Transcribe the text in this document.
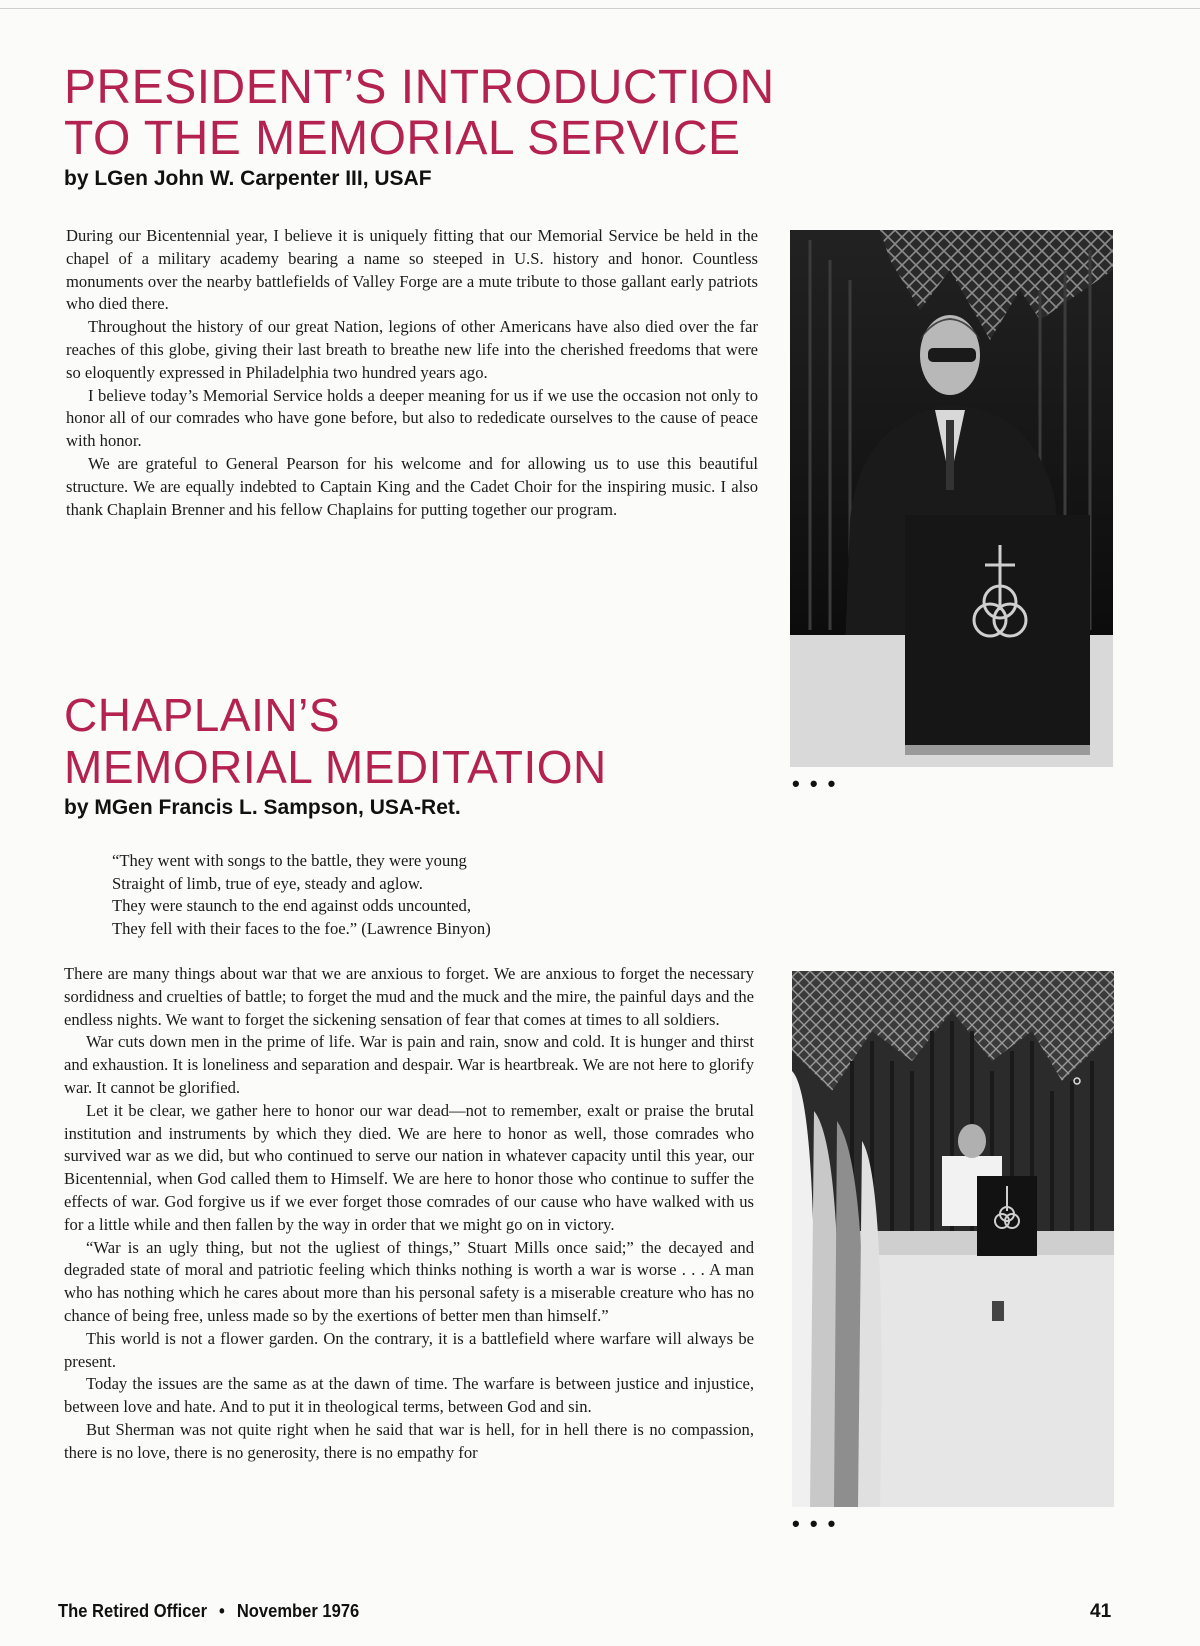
PRESIDENT’S INTRODUCTION
TO THE MEMORIAL SERVICE
by LGen John W. Carpenter III, USAF

During our Bicentennial year, I believe it is uniquely fitting that our Memorial Service be held in the chapel of a military academy bearing a name so steeped in U.S. history and honor. Countless monuments over the nearby battlefields of Valley Forge are a mute tribute to those gallant early patriots who died there.

Throughout the history of our great Nation, legions of other Americans have also died over the far reaches of this globe, giving their last breath to breathe new life into the cherished freedoms that were so eloquently expressed in Philadelphia two hundred years ago.

I believe today’s Memorial Service holds a deeper meaning for us if we use the occasion not only to honor all of our comrades who have gone before, but also to rededicate ourselves to the cause of peace with honor.

We are grateful to General Pearson for his welcome and for allowing us to use this beautiful structure. We are equally indebted to Captain King and the Cadet Choir for the inspiring music. I also thank Chaplain Brenner and his fellow Chaplains for putting together our program.

• • •
CHAPLAIN’S
MEMORIAL MEDITATION
by MGen Francis L. Sampson, USA-Ret.
“They went with songs to the battle, they were young
Straight of limb, true of eye, steady and aglow.
They were staunch to the end against odds uncounted,
They fell with their faces to the foe.” (Lawrence Binyon)

There are many things about war that we are anxious to forget. We are anxious to forget the necessary sordidness and cruelties of battle; to forget the mud and the muck and the mire, the painful days and the endless nights. We want to forget the sickening sensation of fear that comes at times to all soldiers.

War cuts down men in the prime of life. War is pain and rain, snow and cold. It is hunger and thirst and exhaustion. It is loneliness and separation and despair. War is heartbreak. We are not here to glorify war. It cannot be glorified.

Let it be clear, we gather here to honor our war dead—not to remember, exalt or praise the brutal institution and instruments by which they died. We are here to honor as well, those comrades who survived war as we did, but who continued to serve our nation in whatever capacity until this year, our Bicentennial, when God called them to Himself. We are here to honor those who continue to suffer the effects of war. God forgive us if we ever forget those comrades of our cause who have walked with us for a little while and then fallen by the way in order that we might go on in victory.

“War is an ugly thing, but not the ugliest of things,” Stuart Mills once said;” the decayed and degraded state of moral and patriotic feeling which thinks nothing is worth a war is worse . . . A man who has nothing which he cares about more than his personal safety is a miserable creature who has no chance of being free, unless made so by the exertions of better men than himself.”

This world is not a flower garden. On the contrary, it is a battlefield where warfare will always be present.

Today the issues are the same as at the dawn of time. The warfare is between justice and injustice, between love and hate. And to put it in theological terms, between God and sin.

But Sherman was not quite right when he said that war is hell, for in hell there is no compassion, there is no love, there is no generosity, there is no empathy for

• • •
The Retired Officer • November 1976	41
